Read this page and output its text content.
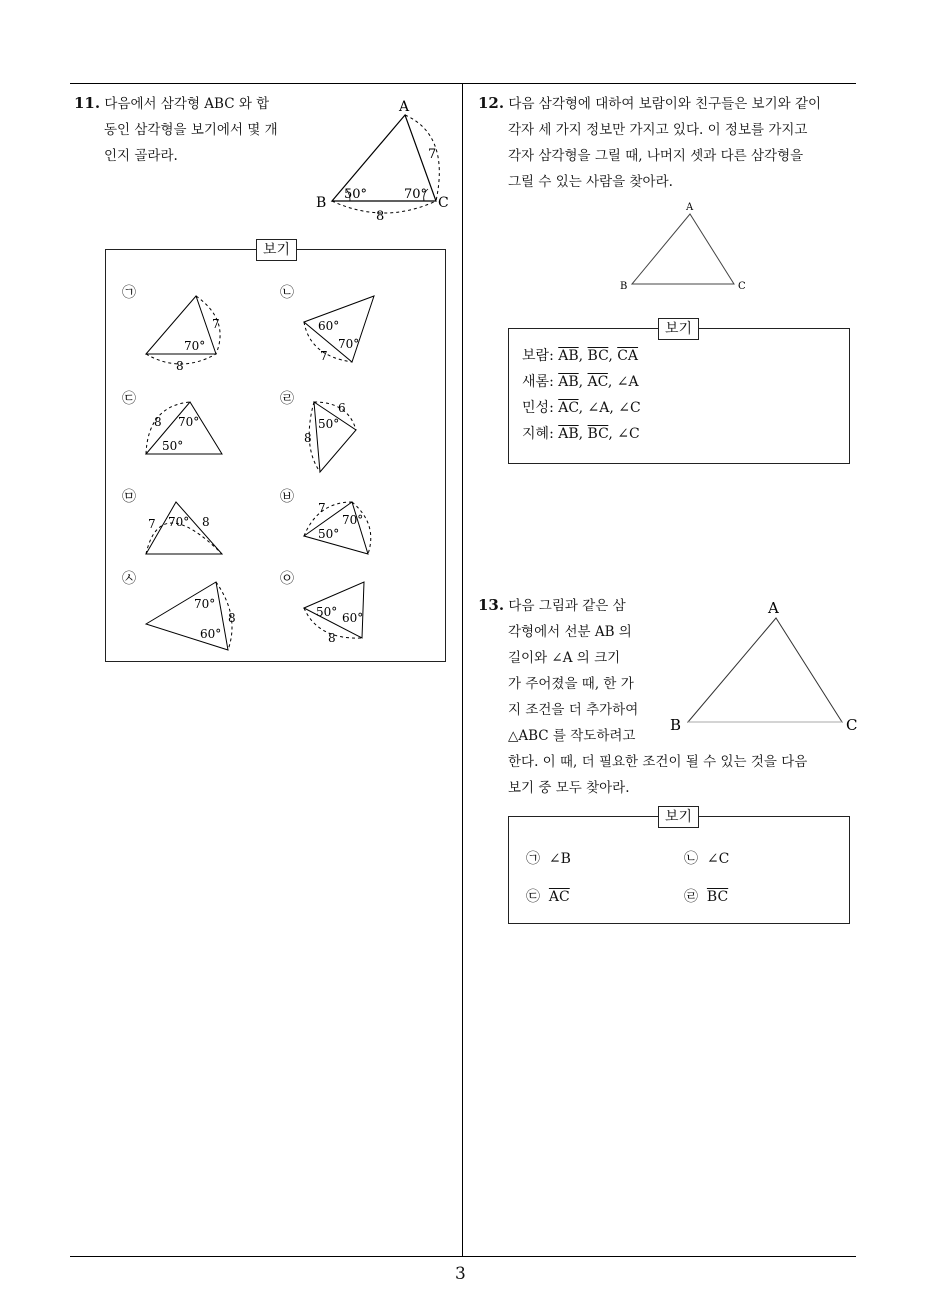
3
11. 다음에서 삼각형 ABC 와 합
동인 삼각형을 보기에서 몇 개
인지 골라라.
A
B	C
7
8
50°	70°
보기
㉠	㉡
㉢	㉣
㉤	㉥
㉦	㉧
7
70°
8
60°
70°
7
8 70°
50°
6
50°
8
7 70° 8
7
70°
50°
70°
8
60°
50° 60°
8
12. 다음 삼각형에 대하여 보람이와 친구들은 보기와 같이
각자 세 가지 정보만 가지고 있다. 이 정보를 가지고
각자 삼각형을 그릴 때, 나머지 셋과 다른 삼각형을
그릴 수 있는 사람을 찾아라.
A
B	C
보기
보람: $\overline{AB}$, $\overline{BC}$, $\overline{CA}$
새롬: $\overline{AB}$, $\overline{AC}$, ∠A
민성: $\overline{AC}$, ∠A, ∠C
지혜: $\overline{AB}$, $\overline{BC}$, ∠C
13. 다음 그림과 같은 삼
각형에서 선분 AB 의
길이와 ∠A 의 크기
가 주어졌을 때, 한 가
지 조건을 더 추가하여
△ABC 를 작도하려고
한다. 이 때, 더 필요한 조건이 될 수 있는 것을 다음
보기 중 모두 찾아라.
A
B	C
보기
㉠ ∠B	㉡ ∠C
㉢ $\overline{AC}$	㉣ $\overline{BC}$
